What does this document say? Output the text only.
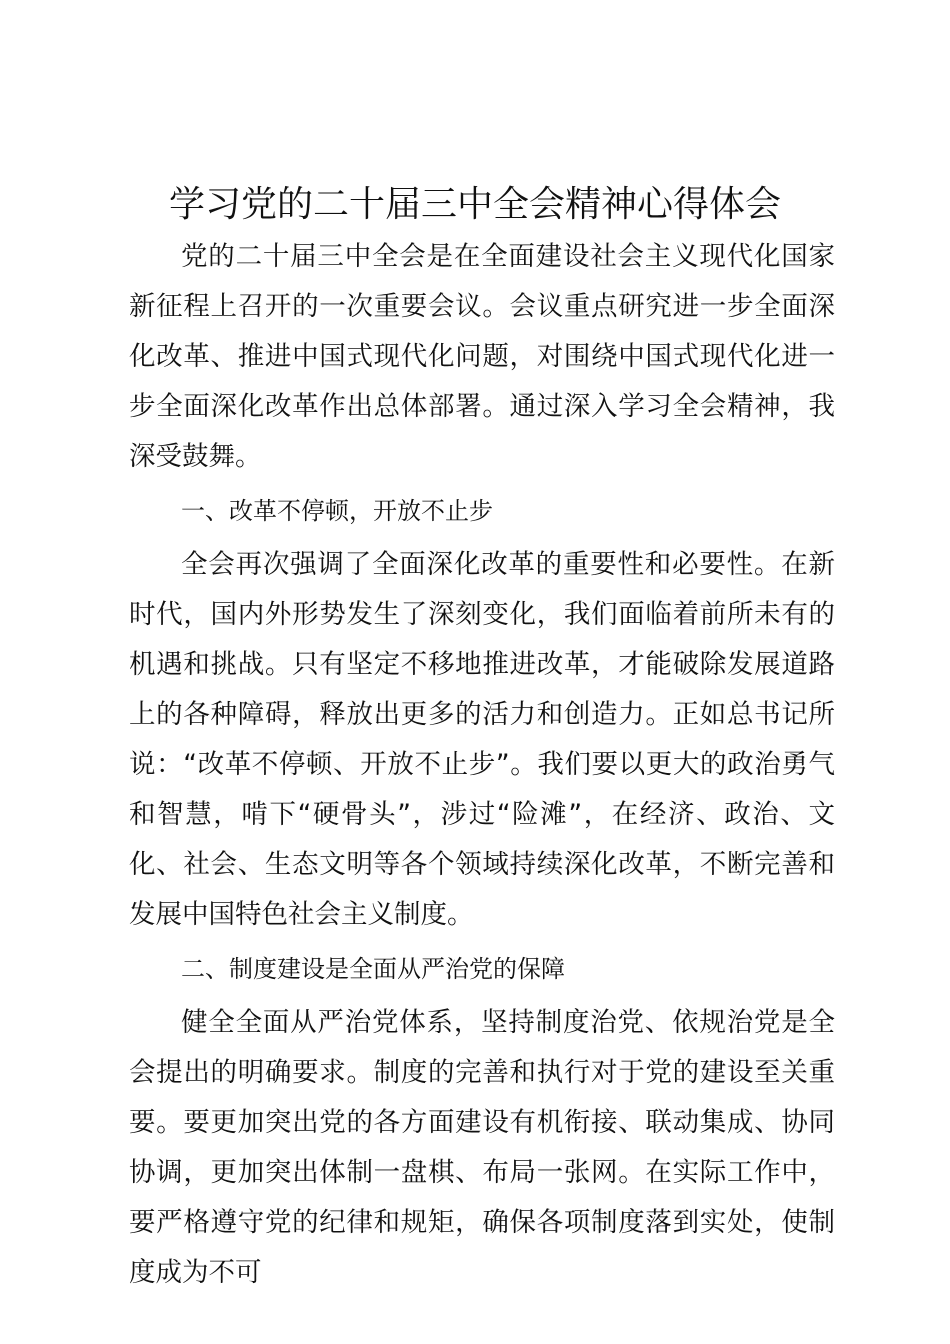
学习党的二十届三中全会精神心得体会

党的二十届三中全会是在全面建设社会主义现代化国家新征程上召开的一次重要会议。会议重点研究进一步全面深化改革、推进中国式现代化问题，对围绕中国式现代化进一步全面深化改革作出总体部署。通过深入学习全会精神，我深受鼓舞。

一、改革不停顿，开放不止步

全会再次强调了全面深化改革的重要性和必要性。在新时代，国内外形势发生了深刻变化，我们面临着前所未有的机遇和挑战。只有坚定不移地推进改革，才能破除发展道路上的各种障碍，释放出更多的活力和创造力。正如总书记所说：“改革不停顿、开放不止步”。我们要以更大的政治勇气和智慧，啃下“硬骨头”，涉过“险滩”，在经济、政治、文化、社会、生态文明等各个领域持续深化改革，不断完善和发展中国特色社会主义制度。

二、制度建设是全面从严治党的保障

健全全面从严治党体系，坚持制度治党、依规治党是全会提出的明确要求。制度的完善和执行对于党的建设至关重要。要更加突出党的各方面建设有机衔接、联动集成、协同协调，更加突出体制一盘棋、布局一张网。在实际工作中，要严格遵守党的纪律和规矩，确保各项制度落到实处，使制度成为不可
